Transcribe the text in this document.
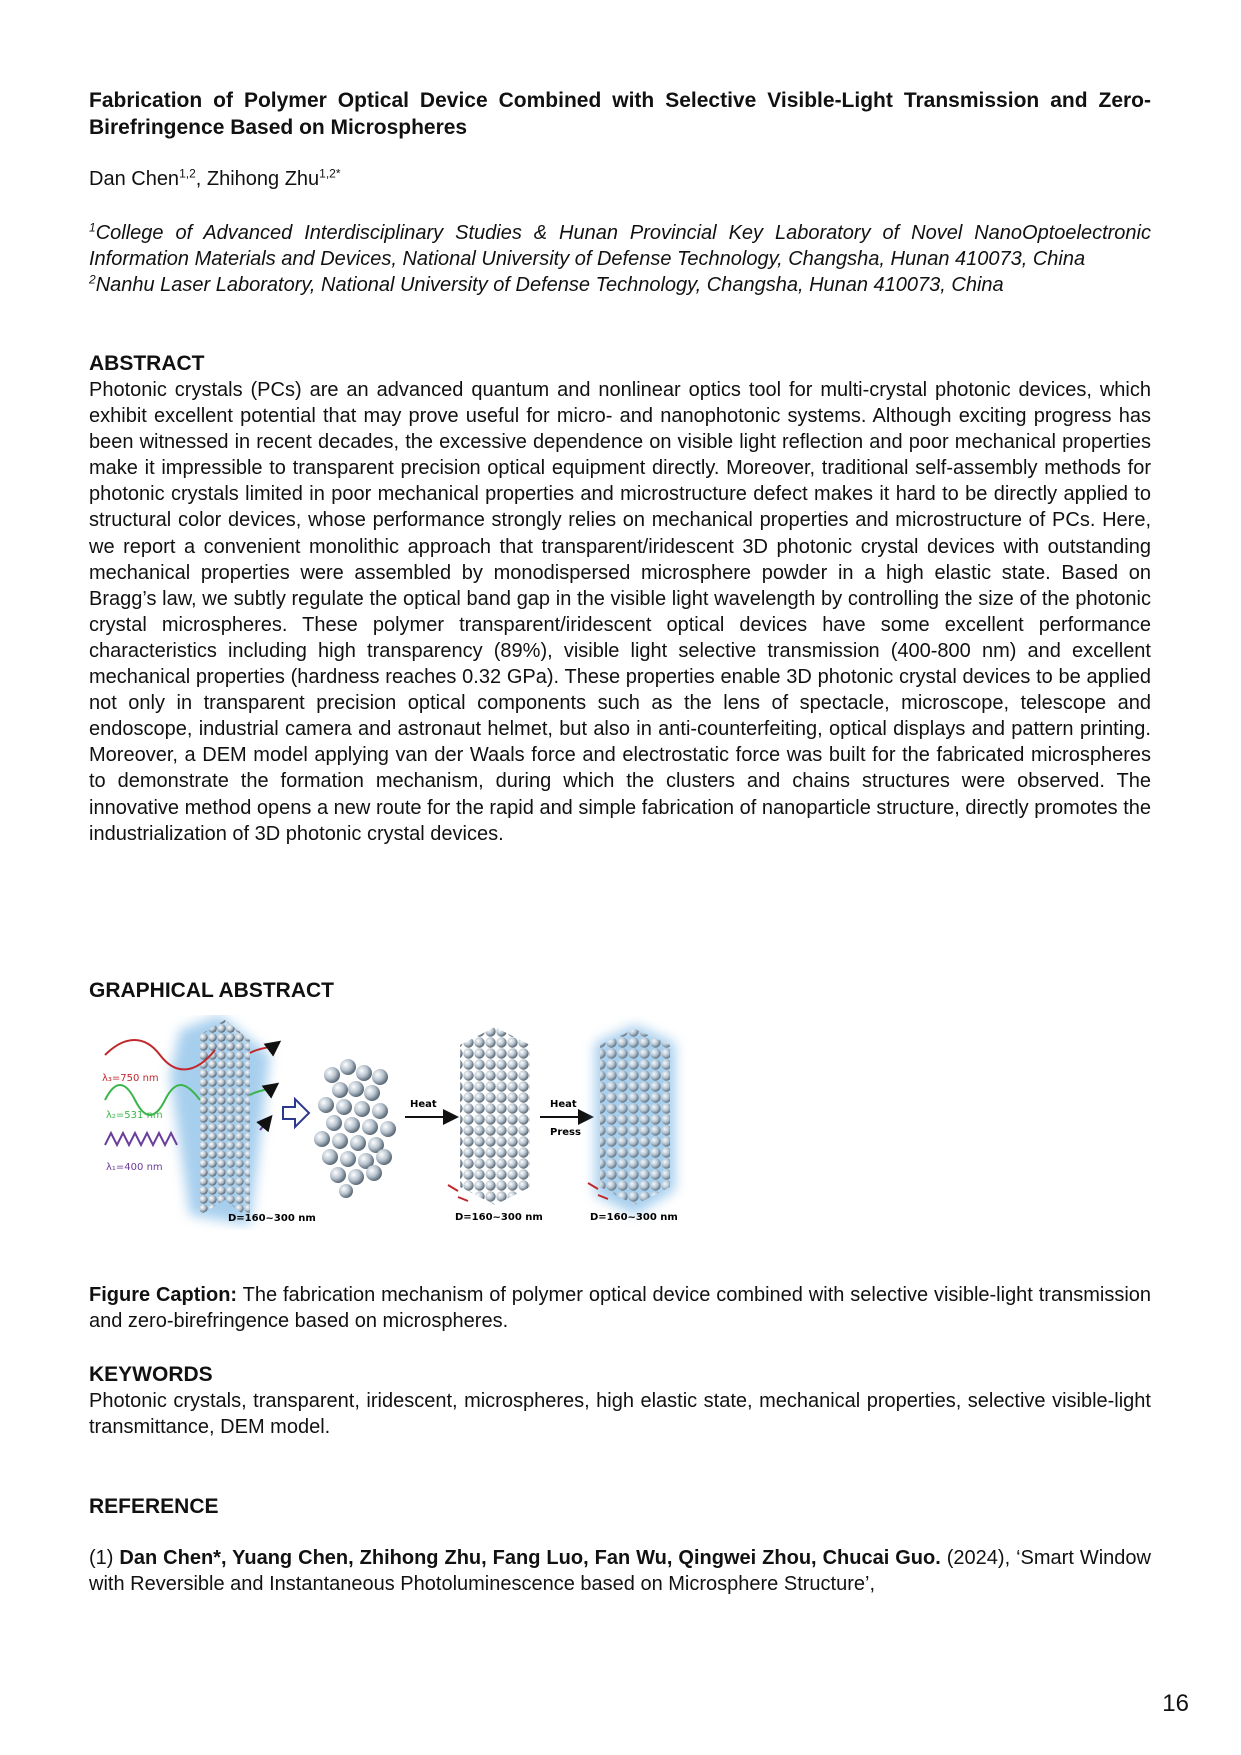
Fabrication of Polymer Optical Device Combined with Selective Visible-Light Transmission and Zero-Birefringence Based on Microspheres
Dan Chen$^{1,2}$, Zhihong Zhu$^{1,2*}$

$^1$College of Advanced Interdisciplinary Studies & Hunan Provincial Key Laboratory of Novel NanoOptoelectronic Information Materials and Devices, National University of Defense Technology, Changsha, Hunan 410073, China

$^2$Nanhu Laser Laboratory, National University of Defense Technology, Changsha, Hunan 410073, China

ABSTRACT
Photonic crystals (PCs) are an advanced quantum and nonlinear optics tool for multi-crystal photonic devices, which exhibit excellent potential that may prove useful for micro- and nanophotonic systems. Although exciting progress has been witnessed in recent decades, the excessive dependence on visible light reflection and poor mechanical properties make it impressible to transparent precision optical equipment directly. Moreover, traditional self-assembly methods for photonic crystals limited in poor mechanical properties and microstructure defect makes it hard to be directly applied to structural color devices, whose performance strongly relies on mechanical properties and microstructure of PCs. Here, we report a convenient monolithic approach that transparent/iridescent 3D photonic crystal devices with outstanding mechanical properties were assembled by monodispersed microsphere powder in a high elastic state. Based on Bragg’s law, we subtly regulate the optical band gap in the visible light wavelength by controlling the size of the photonic crystal microspheres. These polymer transparent/iridescent optical devices have some excellent performance characteristics including high transparency (89%), visible light selective transmission (400-800 nm) and excellent mechanical properties (hardness reaches 0.32 GPa). These properties enable 3D photonic crystal devices to be applied not only in transparent precision optical components such as the lens of spectacle, microscope, telescope and endoscope, industrial camera and astronaut helmet, but also in anti-counterfeiting, optical displays and pattern printing. Moreover, a DEM model applying van der Waals force and electrostatic force was built for the fabricated microspheres to demonstrate the formation mechanism, during which the clusters and chains structures were observed. The innovative method opens a new route for the rapid and simple fabrication of nanoparticle structure, directly promotes the industrialization of 3D photonic crystal devices.
GRAPHICAL ABSTRACT
λ₃=750 nm
λ₂=531 nm
λ₁=400 nm
Heat	Heat
Press
D=160~300 nm	D=160~300 nm	D=160~300 nm
Figure Caption: The fabrication mechanism of polymer optical device combined with selective visible-light transmission and zero-birefringence based on microspheres.
KEYWORDS
Photonic crystals, transparent, iridescent, microspheres, high elastic state, mechanical properties, selective visible-light transmittance, DEM model.
REFERENCE
(1) Dan Chen*, Yuang Chen, Zhihong Zhu, Fang Luo, Fan Wu, Qingwei Zhou, Chucai Guo. (2024), ‘Smart Window with Reversible and Instantaneous Photoluminescence based on Microsphere Structure’,
16
